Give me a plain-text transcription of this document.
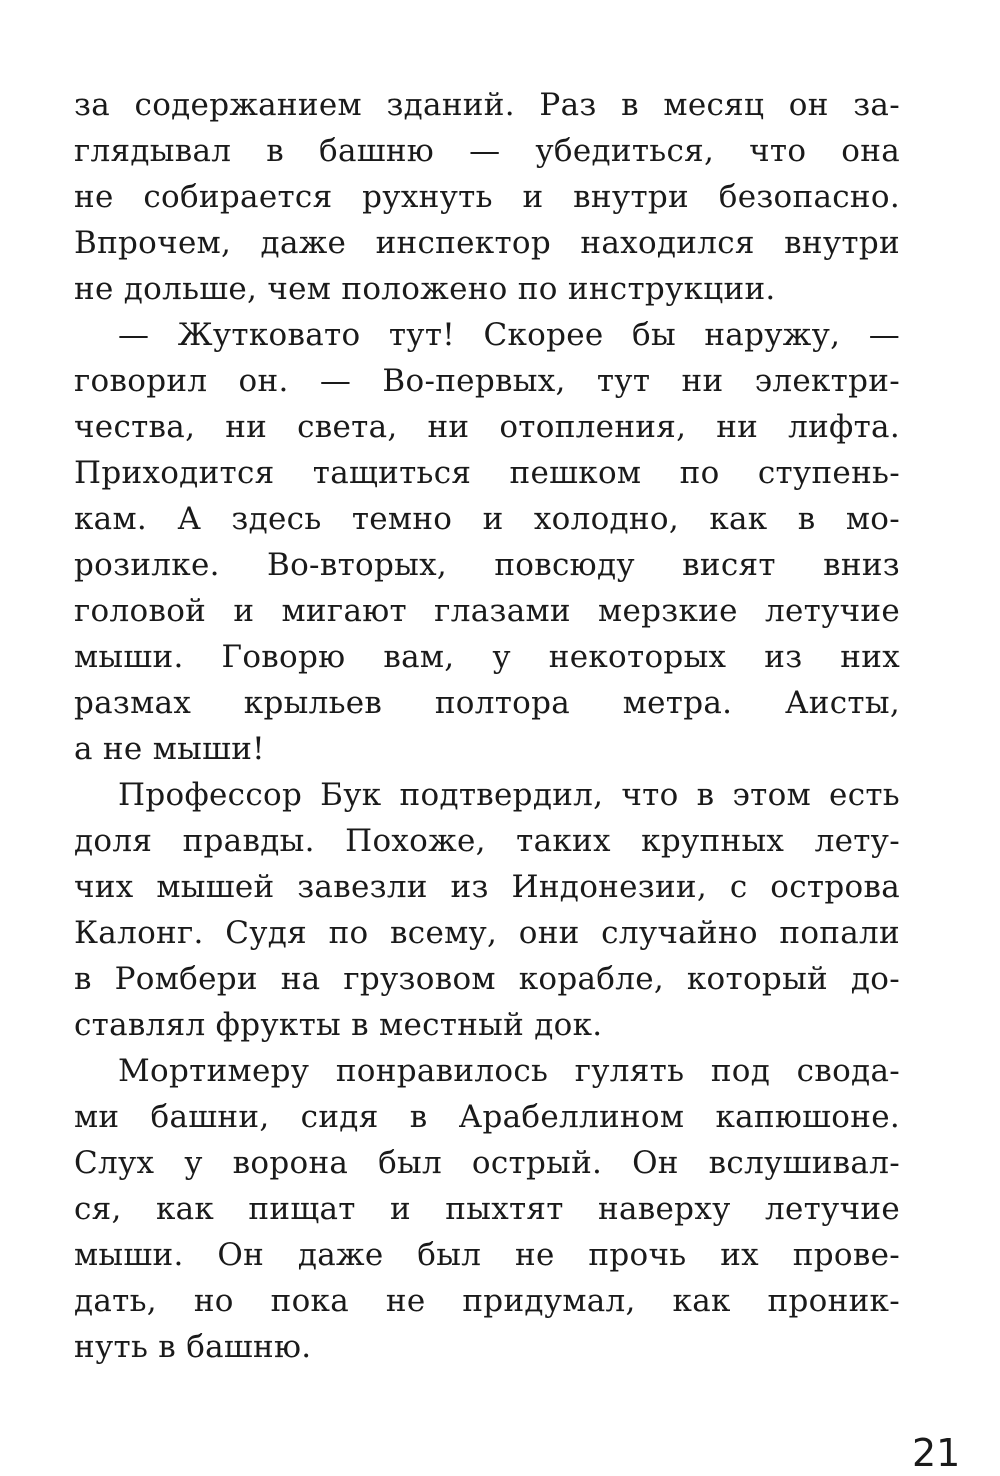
за содержанием зданий. Раз в месяц он за-
глядывал в башню — убедиться, что она
не собирается рухнуть и внутри безопасно.
Впрочем, даже инспектор находился внутри
не дольше, чем положено по инструкции.
— Жутковато тут! Скорее бы наружу, —
говорил он. — Во-первых, тут ни электри-
чества, ни света, ни отопления, ни лифта.
Приходится тащиться пешком по ступень-
кам. А здесь темно и холодно, как в мо-
розилке. Во-вторых, повсюду висят вниз
головой и мигают глазами мерзкие летучие
мыши. Говорю вам, у некоторых из них
размах крыльев полтора метра. Аисты,
а не мыши!
Профессор Бук подтвердил, что в этом есть
доля правды. Похоже, таких крупных лету-
чих мышей завезли из Индонезии, с острова
Калонг. Судя по всему, они случайно попали
в Ромбери на грузовом корабле, который до-
ставлял фрукты в местный док.
Мортимеру понравилось гулять под свода-
ми башни, сидя в Арабеллином капюшоне.
Слух у ворона был острый. Он вслушивал-
ся, как пищат и пыхтят наверху летучие
мыши. Он даже был не прочь их прове-
дать, но пока не придумал, как проник-
нуть в башню.
21
